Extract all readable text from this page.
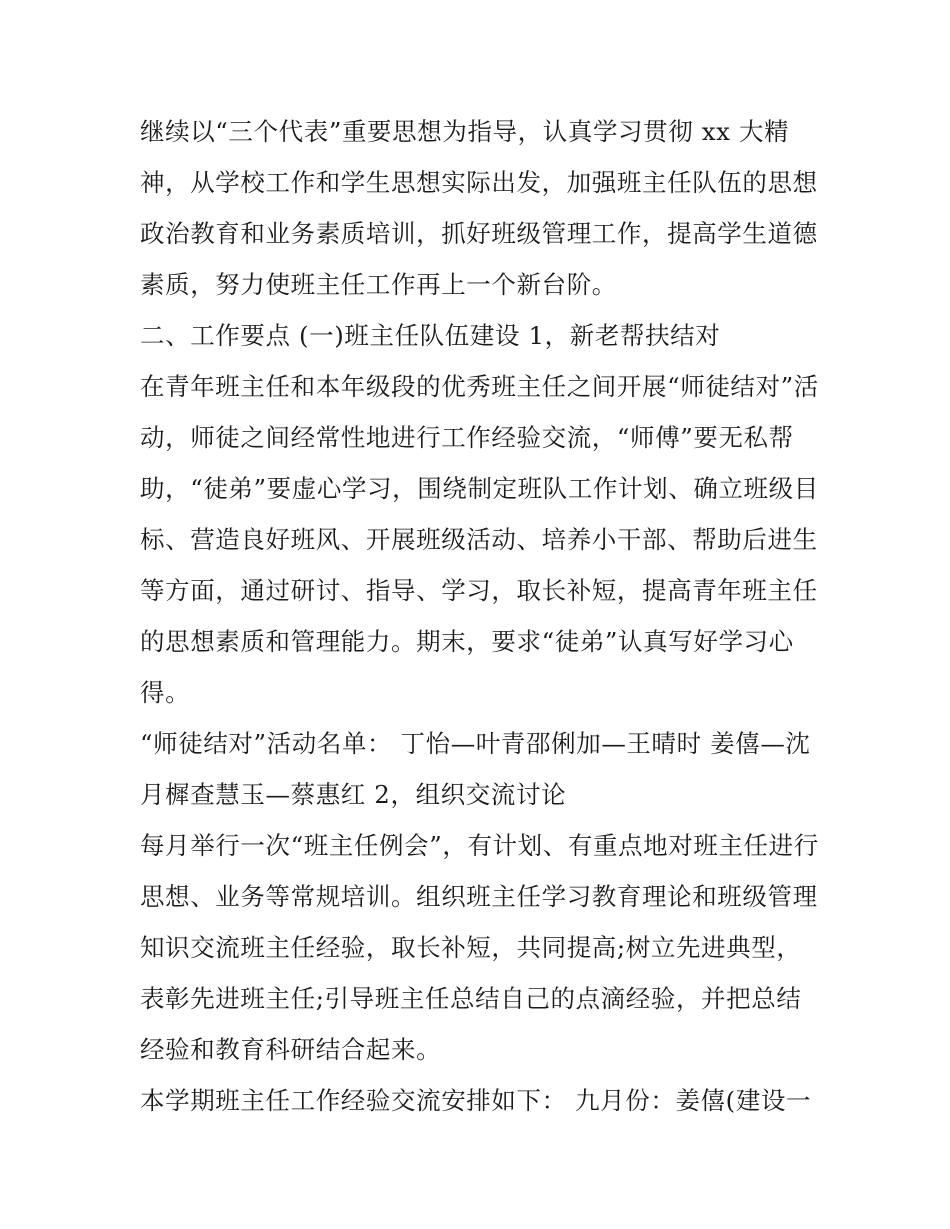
继续以“三个代表”重要思想为指导，认真学习贯彻 xx 大精
神，从学校工作和学生思想实际出发，加强班主任队伍的思想
政治教育和业务素质培训，抓好班级管理工作，提高学生道德
素质，努力使班主任工作再上一个新台阶。
二、工作要点 (一)班主任队伍建设 1，新老帮扶结对
在青年班主任和本年级段的优秀班主任之间开展“师徒结对”活
动，师徒之间经常性地进行工作经验交流，“师傅”要无私帮
助，“徒弟”要虚心学习，围绕制定班队工作计划、确立班级目
标、营造良好班风、开展班级活动、培养小干部、帮助后进生
等方面，通过研讨、指导、学习，取长补短，提高青年班主任
的思想素质和管理能力。期末，要求“徒弟”认真写好学习心
得。
“师徒结对”活动名单： 丁怡—叶青邵俐加—王晴时 姜僖—沈
月樨查慧玉—蔡惠红 2，组织交流讨论
每月举行一次“班主任例会”，有计划、有重点地对班主任进行
思想、业务等常规培训。组织班主任学习教育理论和班级管理
知识交流班主任经验，取长补短，共同提高;树立先进典型，
表彰先进班主任;引导班主任总结自己的点滴经验，并把总结
经验和教育科研结合起来。
本学期班主任工作经验交流安排如下： 九月份：姜僖(建设一
